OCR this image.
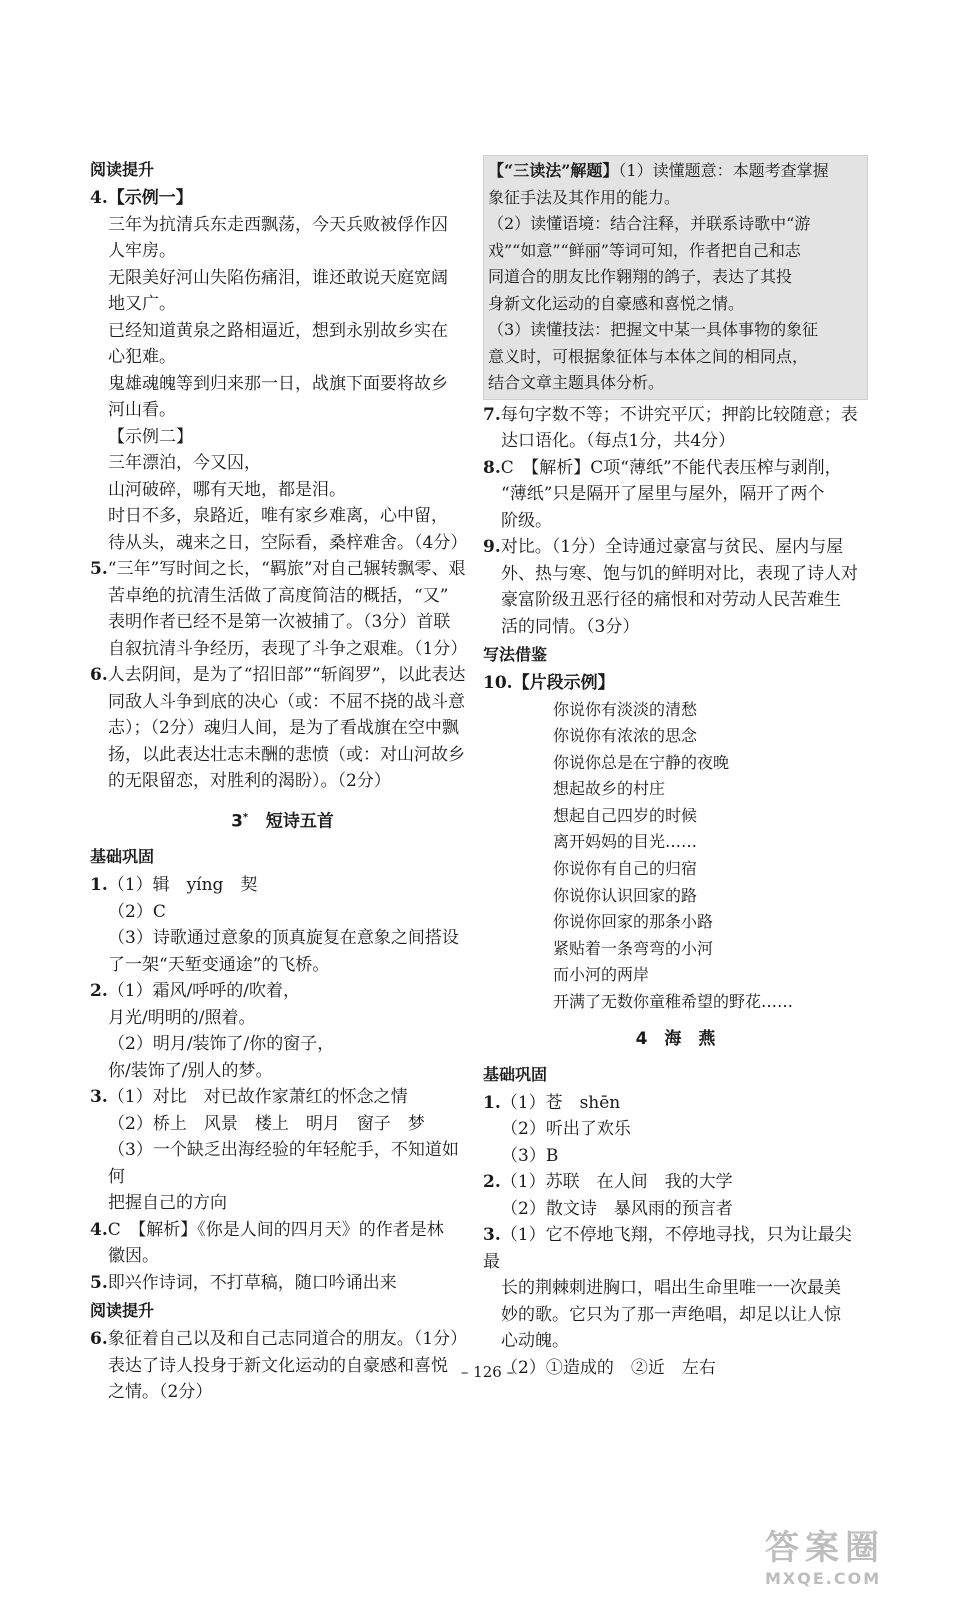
阅读提升
4.【示例一】
三年为抗清兵东走西飘荡，今天兵败被俘作囚
人牢房。
无限美好河山失陷伤痛泪，谁还敢说天庭宽阔
地又广。
已经知道黄泉之路相逼近，想到永别故乡实在
心犯难。
鬼雄魂魄等到归来那一日，战旗下面要将故乡
河山看。
【示例二】
三年漂泊，今又囚，
山河破碎，哪有天地，都是泪。
时日不多，泉路近，唯有家乡难离，心中留，
待从头，魂来之日，空际看，桑梓难舍。（4分）
5.“三年”写时间之长，“羁旅”对自己辗转飘零、艰
苦卓绝的抗清生活做了高度简洁的概括，“又”
表明作者已经不是第一次被捕了。（3分）首联
自叙抗清斗争经历，表现了斗争之艰难。（1分）
6.人去阴间，是为了“招旧部”“斩阎罗”，以此表达
同敌人斗争到底的决心（或：不屈不挠的战斗意
志）；（2分）魂归人间，是为了看战旗在空中飘
扬，以此表达壮志未酬的悲愤（或：对山河故乡
的无限留恋，对胜利的渴盼）。（2分）
3* 短诗五首
基础巩固
1.（1）辑　yíng　契
（2）C
（3）诗歌通过意象的顶真旋复在意象之间搭设
了一架“天堑变通途”的飞桥。
2.（1）霜风/呼呼的/吹着，
月光/明明的/照着。
（2）明月/装饰了/你的窗子，
你/装饰了/别人的梦。
3.（1）对比　对已故作家萧红的怀念之情
（2）桥上　风景　楼上　明月　窗子　梦
（3）一个缺乏出海经验的年轻舵手，不知道如何
把握自己的方向
4.C　【解析】《你是人间的四月天》的作者是林
徽因。
5.即兴作诗词，不打草稿，随口吟诵出来
阅读提升
6.象征着自己以及和自己志同道合的朋友。（1分）
表达了诗人投身于新文化运动的自豪感和喜悦
之情。（2分）
【“三读法”解题】（1）读懂题意：本题考查掌握
象征手法及其作用的能力。
（2）读懂语境：结合注释，并联系诗歌中“游
戏”“如意”“鲜丽”等词可知，作者把自己和志
同道合的朋友比作翱翔的鸽子，表达了其投
身新文化运动的自豪感和喜悦之情。
（3）读懂技法：把握文中某一具体事物的象征
意义时，可根据象征体与本体之间的相同点，
结合文章主题具体分析。
7.每句字数不等；不讲究平仄；押韵比较随意；表
达口语化。（每点1分，共4分）
8.C　【解析】C项“薄纸”不能代表压榨与剥削，
“薄纸”只是隔开了屋里与屋外，隔开了两个
阶级。
9.对比。（1分）全诗通过豪富与贫民、屋内与屋
外、热与寒、饱与饥的鲜明对比，表现了诗人对
豪富阶级丑恶行径的痛恨和对劳动人民苦难生
活的同情。（3分）
写法借鉴
10.【片段示例】
你说你有淡淡的清愁
你说你有浓浓的思念
你说你总是在宁静的夜晚
想起故乡的村庄
想起自己四岁的时候
离开妈妈的目光……
你说你有自己的归宿
你说你认识回家的路
你说你回家的那条小路
紧贴着一条弯弯的小河
而小河的两岸
开满了无数你童稚希望的野花……
4　海　燕
基础巩固
1.（1）苍　shēn
（2）听出了欢乐
（3）B
2.（1）苏联　在人间　我的大学
（2）散文诗　暴风雨的预言者
3.（1）它不停地飞翔，不停地寻找，只为让最尖最
长的荆棘刺进胸口，唱出生命里唯一一次最美
妙的歌。它只为了那一声绝唱，却足以让人惊
心动魄。
（2）①造成的　②近　左右
– 126 –
答案圈
MXQE.COM
